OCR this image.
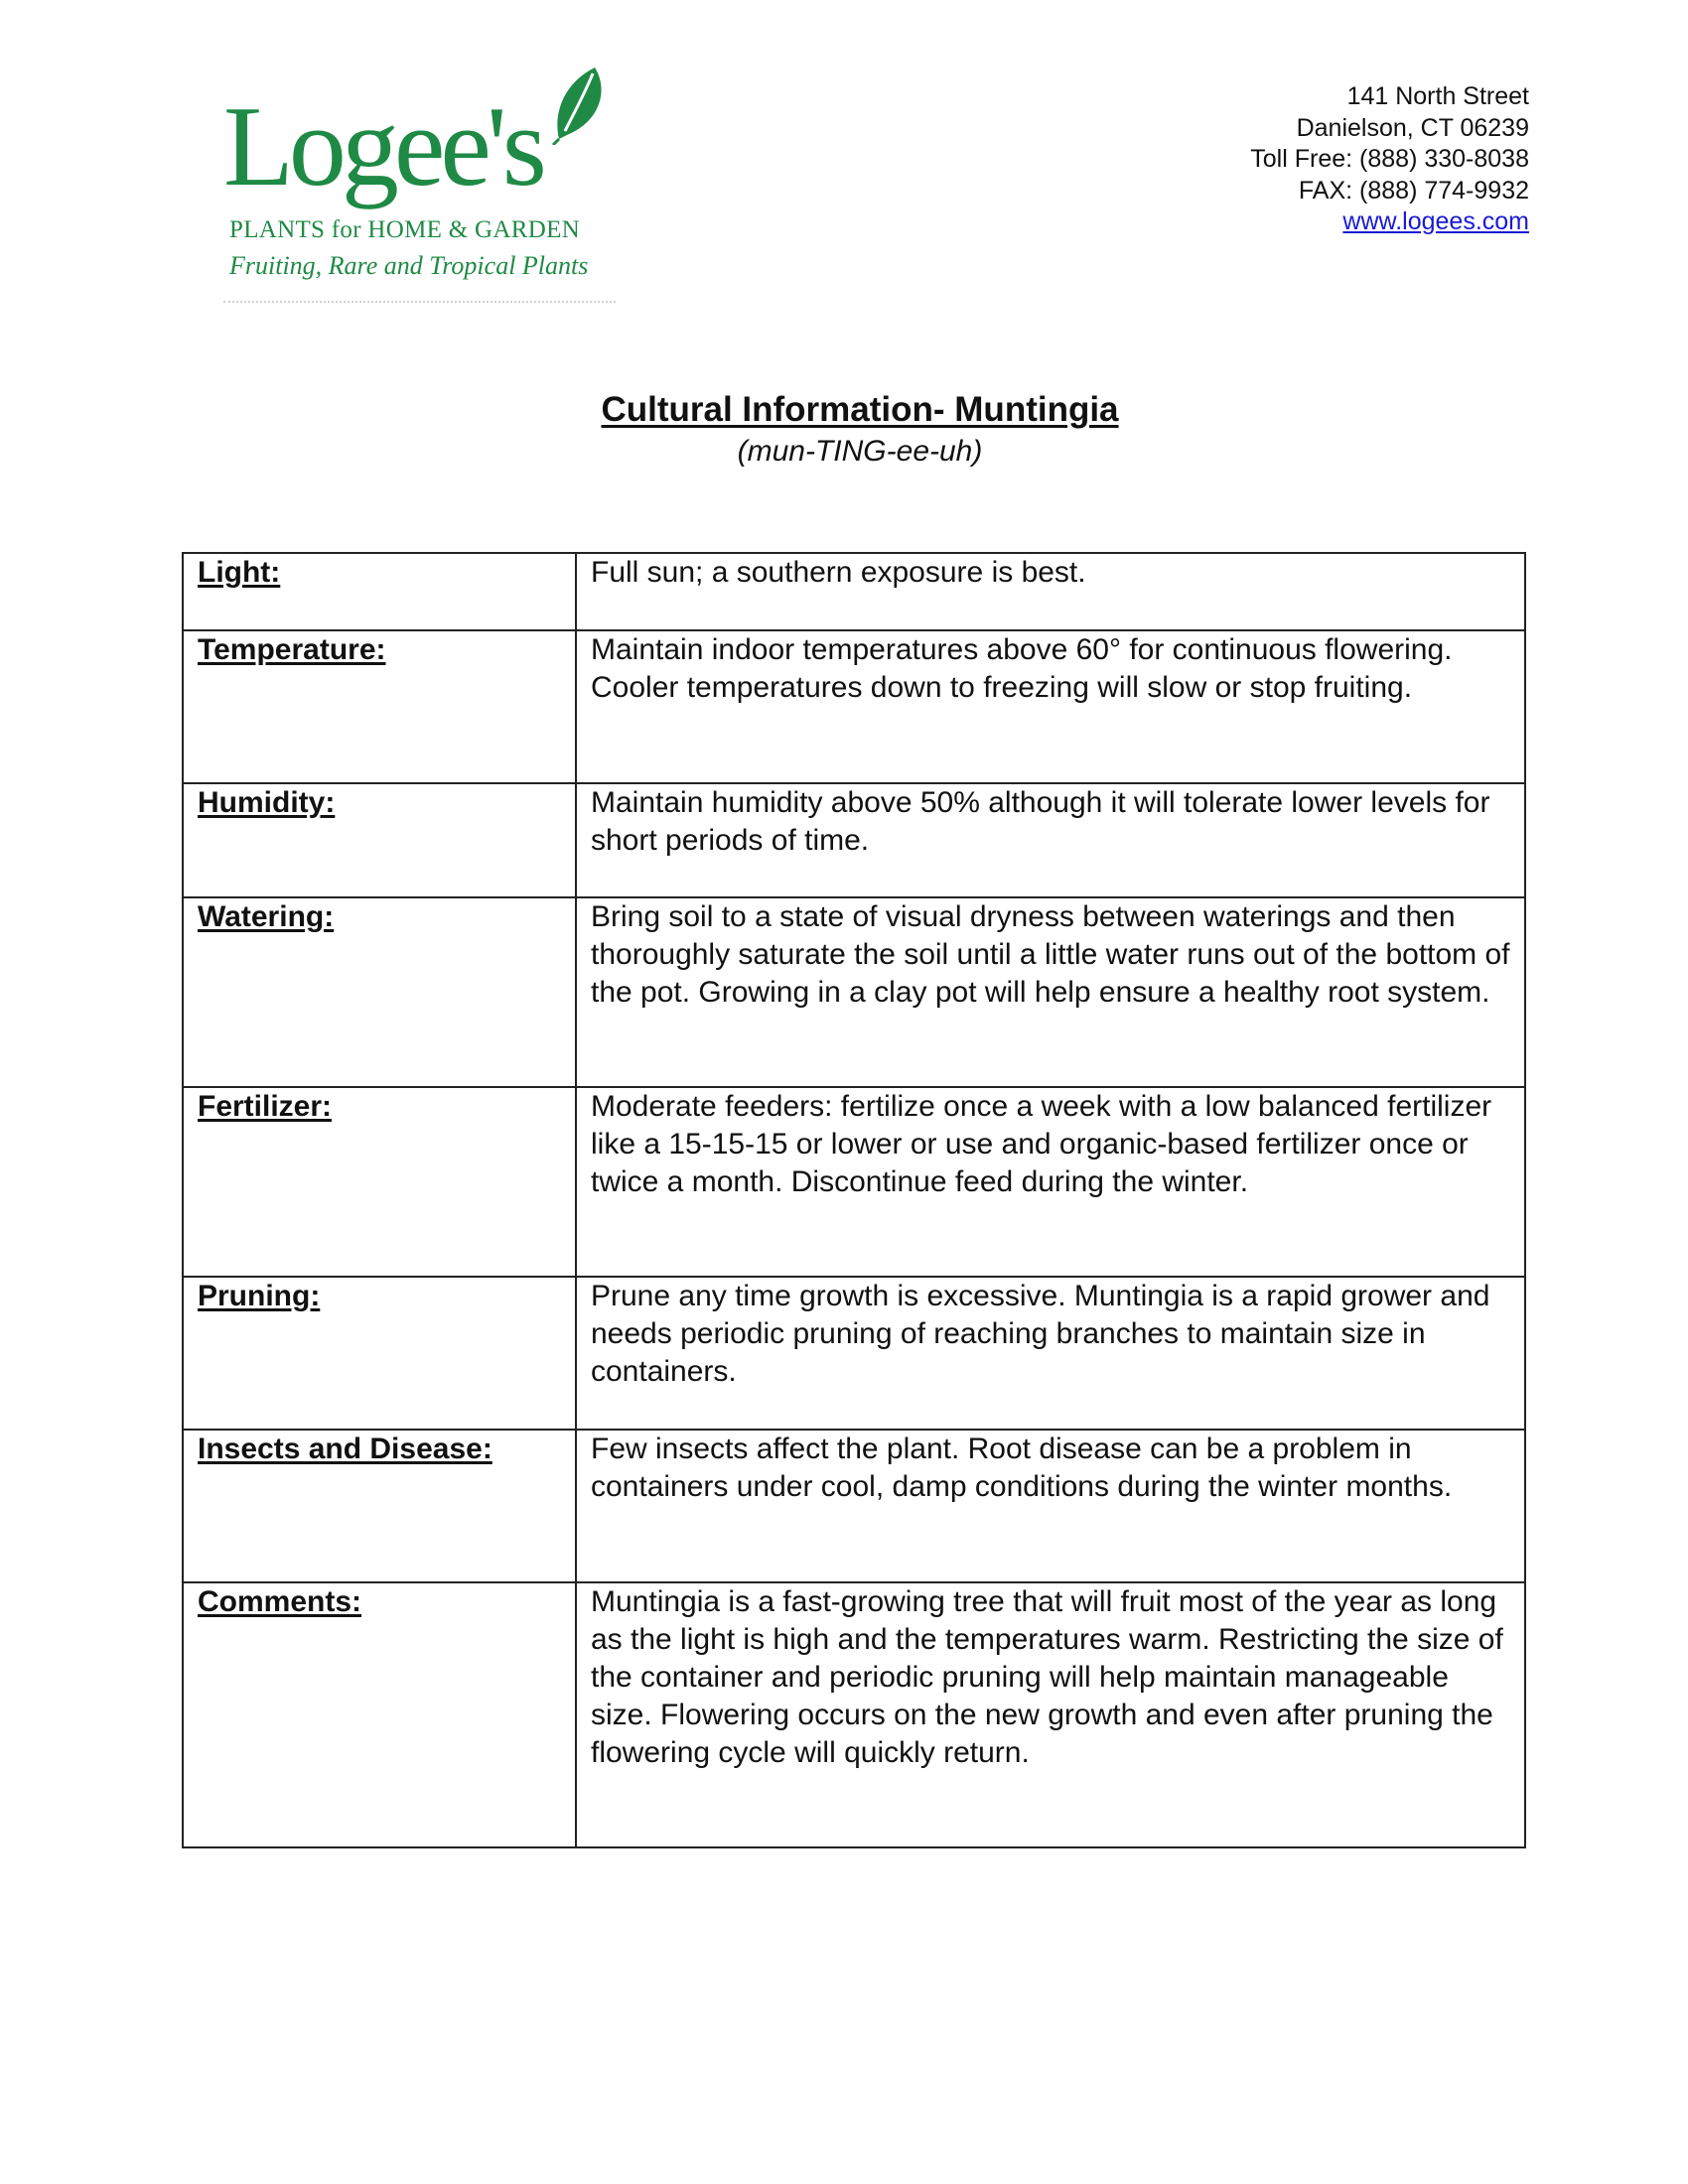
Logee's
PLANTS for HOME & GARDEN
Fruiting, Rare and Tropical Plants
141 North Street
Danielson, CT 06239
Toll Free: (888) 330-8038
FAX: (888) 774-9932
www.logees.com
Cultural Information- Muntingia
(mun-TING-ee-uh)
Light:	Full sun; a southern exposure is best.

Temperature:	Maintain indoor temperatures above 60° for continuous flowering. Cooler temperatures down to freezing will slow or stop fruiting.

Humidity:	Maintain humidity above 50% although it will tolerate lower levels for short periods of time.

Watering:	Bring soil to a state of visual dryness between waterings and then thoroughly saturate the soil until a little water runs out of the bottom of the pot. Growing in a clay pot will help ensure a healthy root system.

Fertilizer:	Moderate feeders: fertilize once a week with a low balanced fertilizer like a 15-15-15 or lower or use and organic-based fertilizer once or twice a month. Discontinue feed during the winter.

Pruning:	Prune any time growth is excessive. Muntingia is a rapid grower and needs periodic pruning of reaching branches to maintain size in containers.

Insects and Disease:	Few insects affect the plant. Root disease can be a problem in containers under cool, damp conditions during the winter months.

Comments:	Muntingia is a fast-growing tree that will fruit most of the year as long as the light is high and the temperatures warm. Restricting the size of the container and periodic pruning will help maintain manageable size. Flowering occurs on the new growth and even after pruning the flowering cycle will quickly return.
